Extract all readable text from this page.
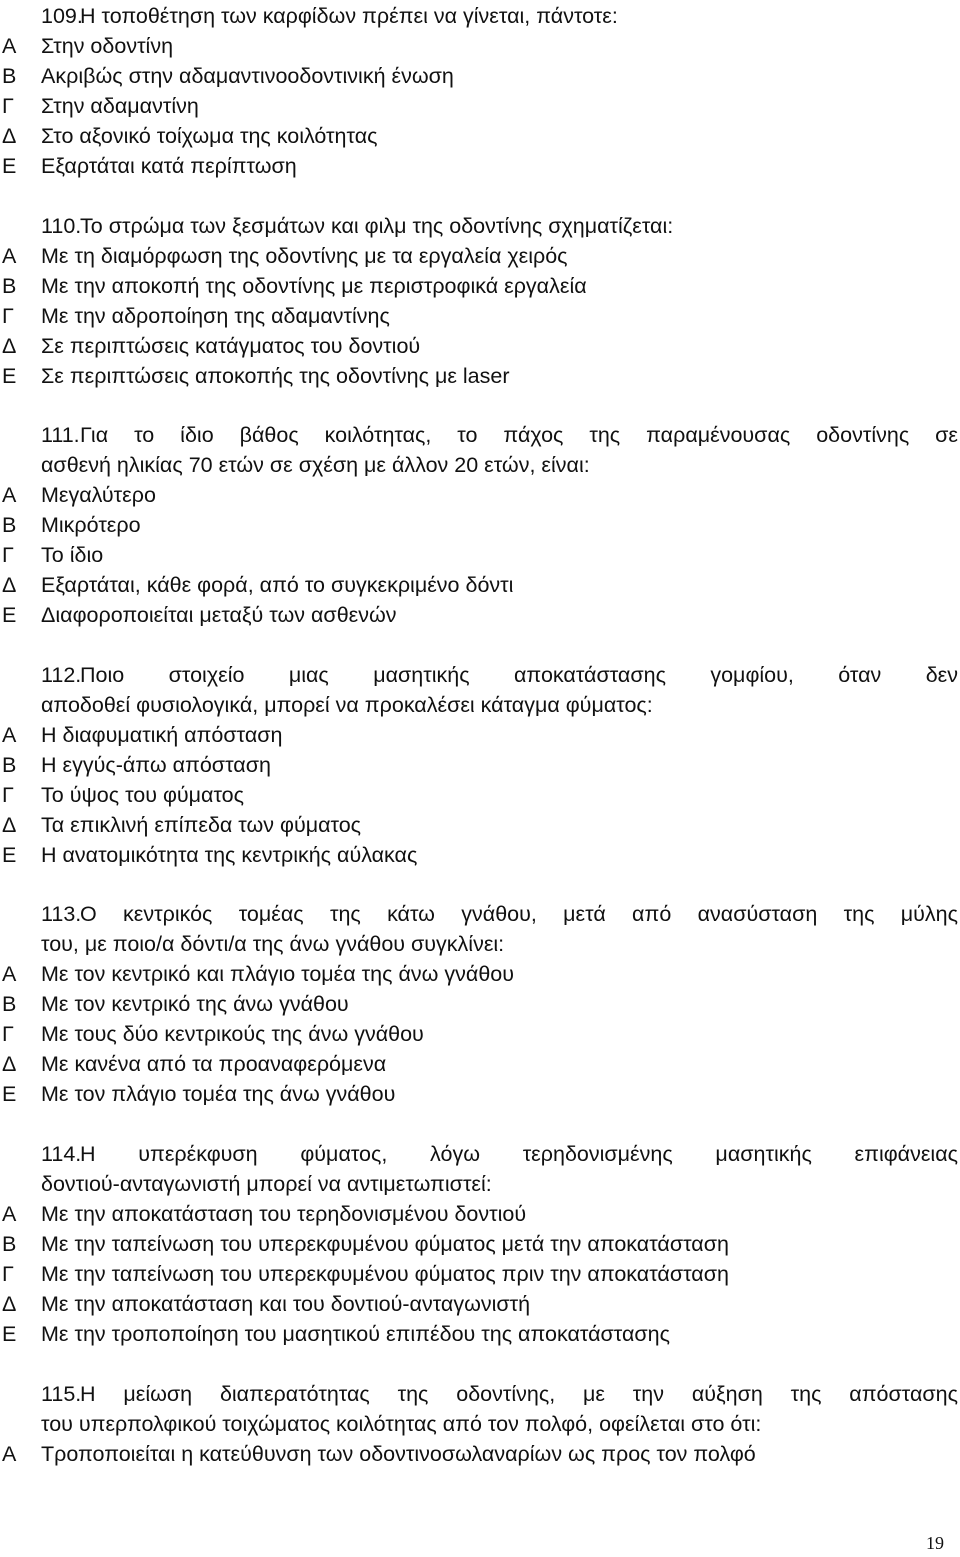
109.
Η τοποθέτηση των καρφίδων πρέπει να γίνεται, πάντοτε:
Α	Στην οδοντίνη
Β	Ακριβώς στην αδαμαντινοοδοντινική ένωση
Γ	Στην αδαμαντίνη
Δ	Στο αξονικό τοίχωμα της κοιλότητας
Ε	Εξαρτάται κατά περίπτωση
110.
Το στρώμα των ξεσμάτων και φιλμ της οδοντίνης σχηματίζεται:
Α	Με τη διαμόρφωση της οδοντίνης με τα εργαλεία χειρός
Β	Με την αποκοπή της οδοντίνης με περιστροφικά εργαλεία
Γ	Με την αδροποίηση της αδαμαντίνης
Δ	Σε περιπτώσεις κατάγματος του δοντιού
Ε	Σε περιπτώσεις αποκοπής της οδοντίνης με laser
111. Για το ίδιο βάθος κοιλότητας, το πάχος της παραμένουσας οδοντίνης σε
ασθενή ηλικίας 70 ετών σε σχέση με άλλον 20 ετών, είναι:
Α	Μεγαλύτερο
Β	Μικρότερο
Γ	Το ίδιο
Δ	Εξαρτάται, κάθε φορά, από το συγκεκριμένο δόντι
Ε	Διαφοροποιείται μεταξύ των ασθενών
112.
Ποιο στοιχείο μιας μασητικής αποκατάστασης γομφίου, όταν δεν
αποδοθεί φυσιολογικά, μπορεί να προκαλέσει κάταγμα φύματος:
Α	Η διαφυματική απόσταση
Β	Η εγγύς-άπω απόσταση
Γ	Το ύψος του φύματος
Δ	Τα επικλινή επίπεδα των φύματος
Ε	Η ανατομικότητα της κεντρικής αύλακας
113.
Ο κεντρικός τομέας της κάτω γνάθου, μετά από ανασύσταση της μύλης
του, με ποιο/α δόντι/α της άνω γνάθου συγκλίνει:
Α	Με τον κεντρικό και πλάγιο τομέα της άνω γνάθου
Β	Με τον κεντρικό της άνω γνάθου
Γ	Με τους δύο κεντρικούς της άνω γνάθου
Δ	Με κανένα από τα προαναφερόμενα
Ε	Με τον πλάγιο τομέα της άνω γνάθου
114.
Η υπερέκφυση φύματος, λόγω τερηδονισμένης μασητικής επιφάνειας
δοντιού-ανταγωνιστή μπορεί να αντιμετωπιστεί:
Α	Με την αποκατάσταση του τερηδονισμένου δοντιού
Β	Με την ταπείνωση του υπερεκφυμένου φύματος μετά την αποκατάσταση
Γ	Με την ταπείνωση του υπερεκφυμένου φύματος πριν την αποκατάσταση
Δ	Με την αποκατάσταση και του δοντιού-ανταγωνιστή
Ε	Με την τροποποίηση του μασητικού επιπέδου της αποκατάστασης
115.
Η μείωση διαπερατότητας της οδοντίνης, με την αύξηση της απόστασης
του υπερπολφικού τοιχώματος κοιλότητας από τον πολφό, οφείλεται στο ότι:
Α	Τροποποιείται η κατεύθυνση των οδοντινοσωλαναρίων ως προς τον πολφό
19
